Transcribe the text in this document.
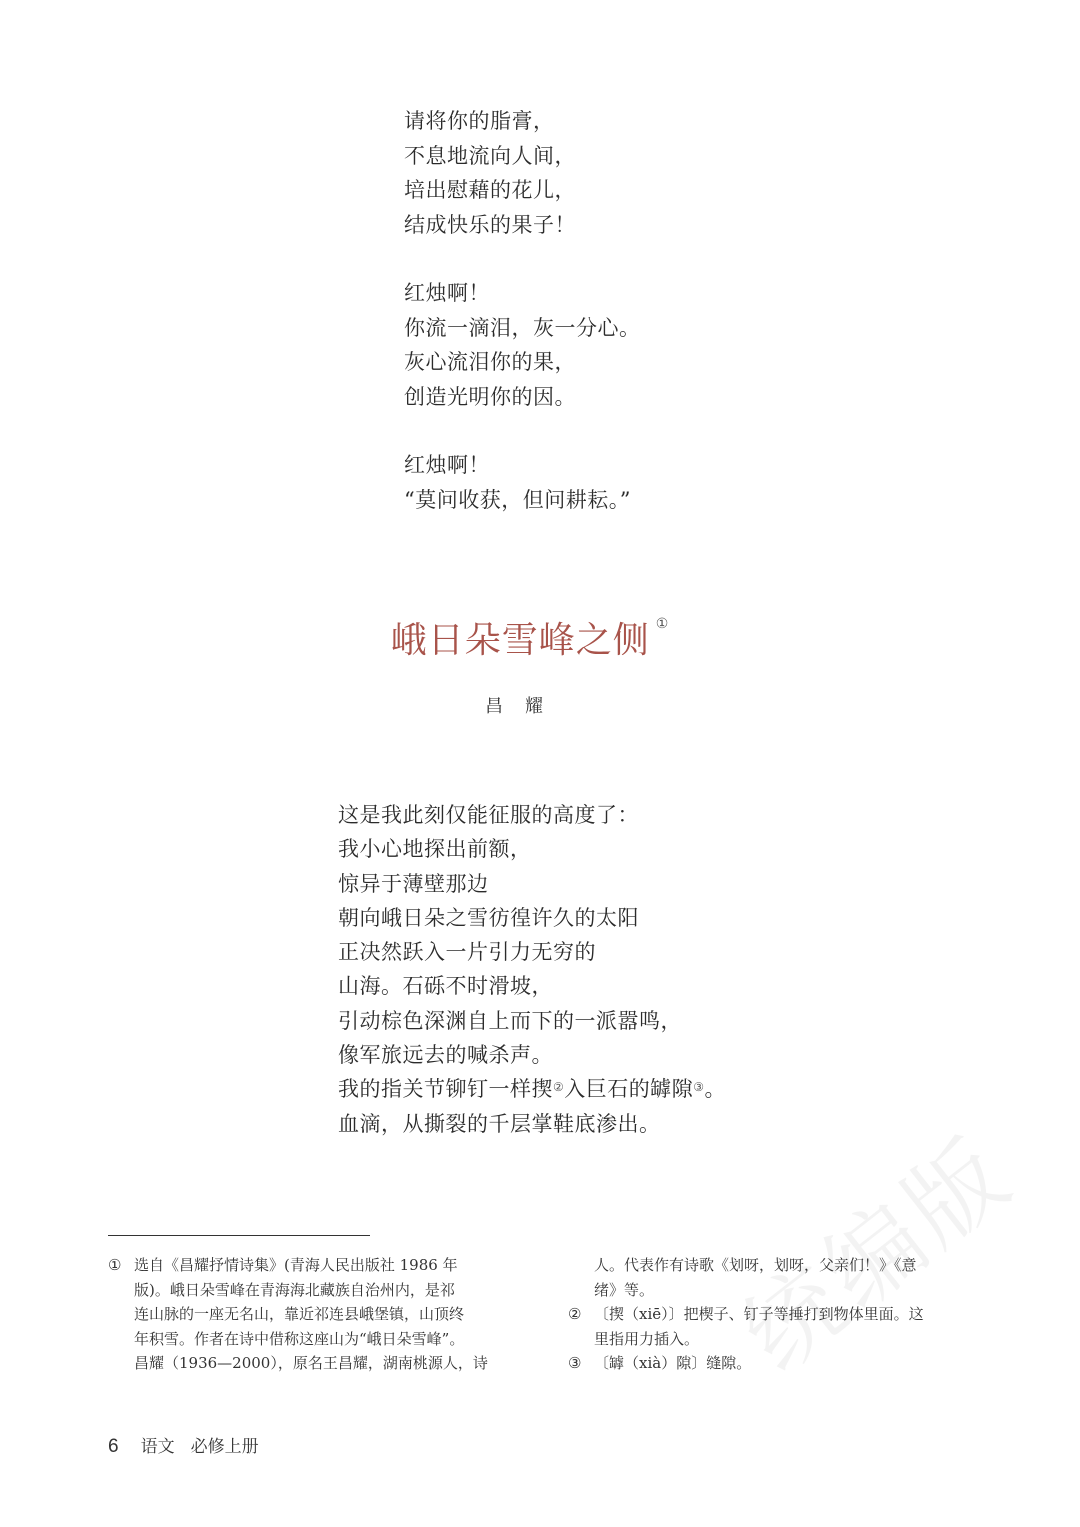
请将你的脂膏，
不息地流向人间，
培出慰藉的花儿，
结成快乐的果子！
红烛啊！
你流一滴泪，灰一分心。
灰心流泪你的果，
创造光明你的因。
红烛啊！
“莫问收获，但问耕耘。”
峨日朵雪峰之侧 ①
昌耀
这是我此刻仅能征服的高度了：
我小心地探出前额，
惊异于薄壁那边
朝向峨日朵之雪彷徨许久的太阳
正决然跃入一片引力无穷的
山海。石砾不时滑坡，
引动棕色深渊自上而下的一派嚣鸣，
像军旅远去的喊杀声。
我的指关节铆钉一样揳②入巨石的罅隙③。
血滴，从撕裂的千层掌鞋底渗出。
① 选自《昌耀抒情诗集》(青海人民出版社 1986 年
版)。峨日朵雪峰在青海海北藏族自治州内，是祁
连山脉的一座无名山，靠近祁连县峨堡镇，山顶终
年积雪。作者在诗中借称这座山为“峨日朵雪峰”。
昌耀（1936—2000），原名王昌耀，湖南桃源人，诗
人。代表作有诗歌《划呀，划呀，父亲们！》《意
绪》等。
② 〔揳（xiē）〕把楔子、钉子等捶打到物体里面。这
里指用力插入。
③ 〔罅（xià）隙〕缝隙。
6 语文 必修上册
